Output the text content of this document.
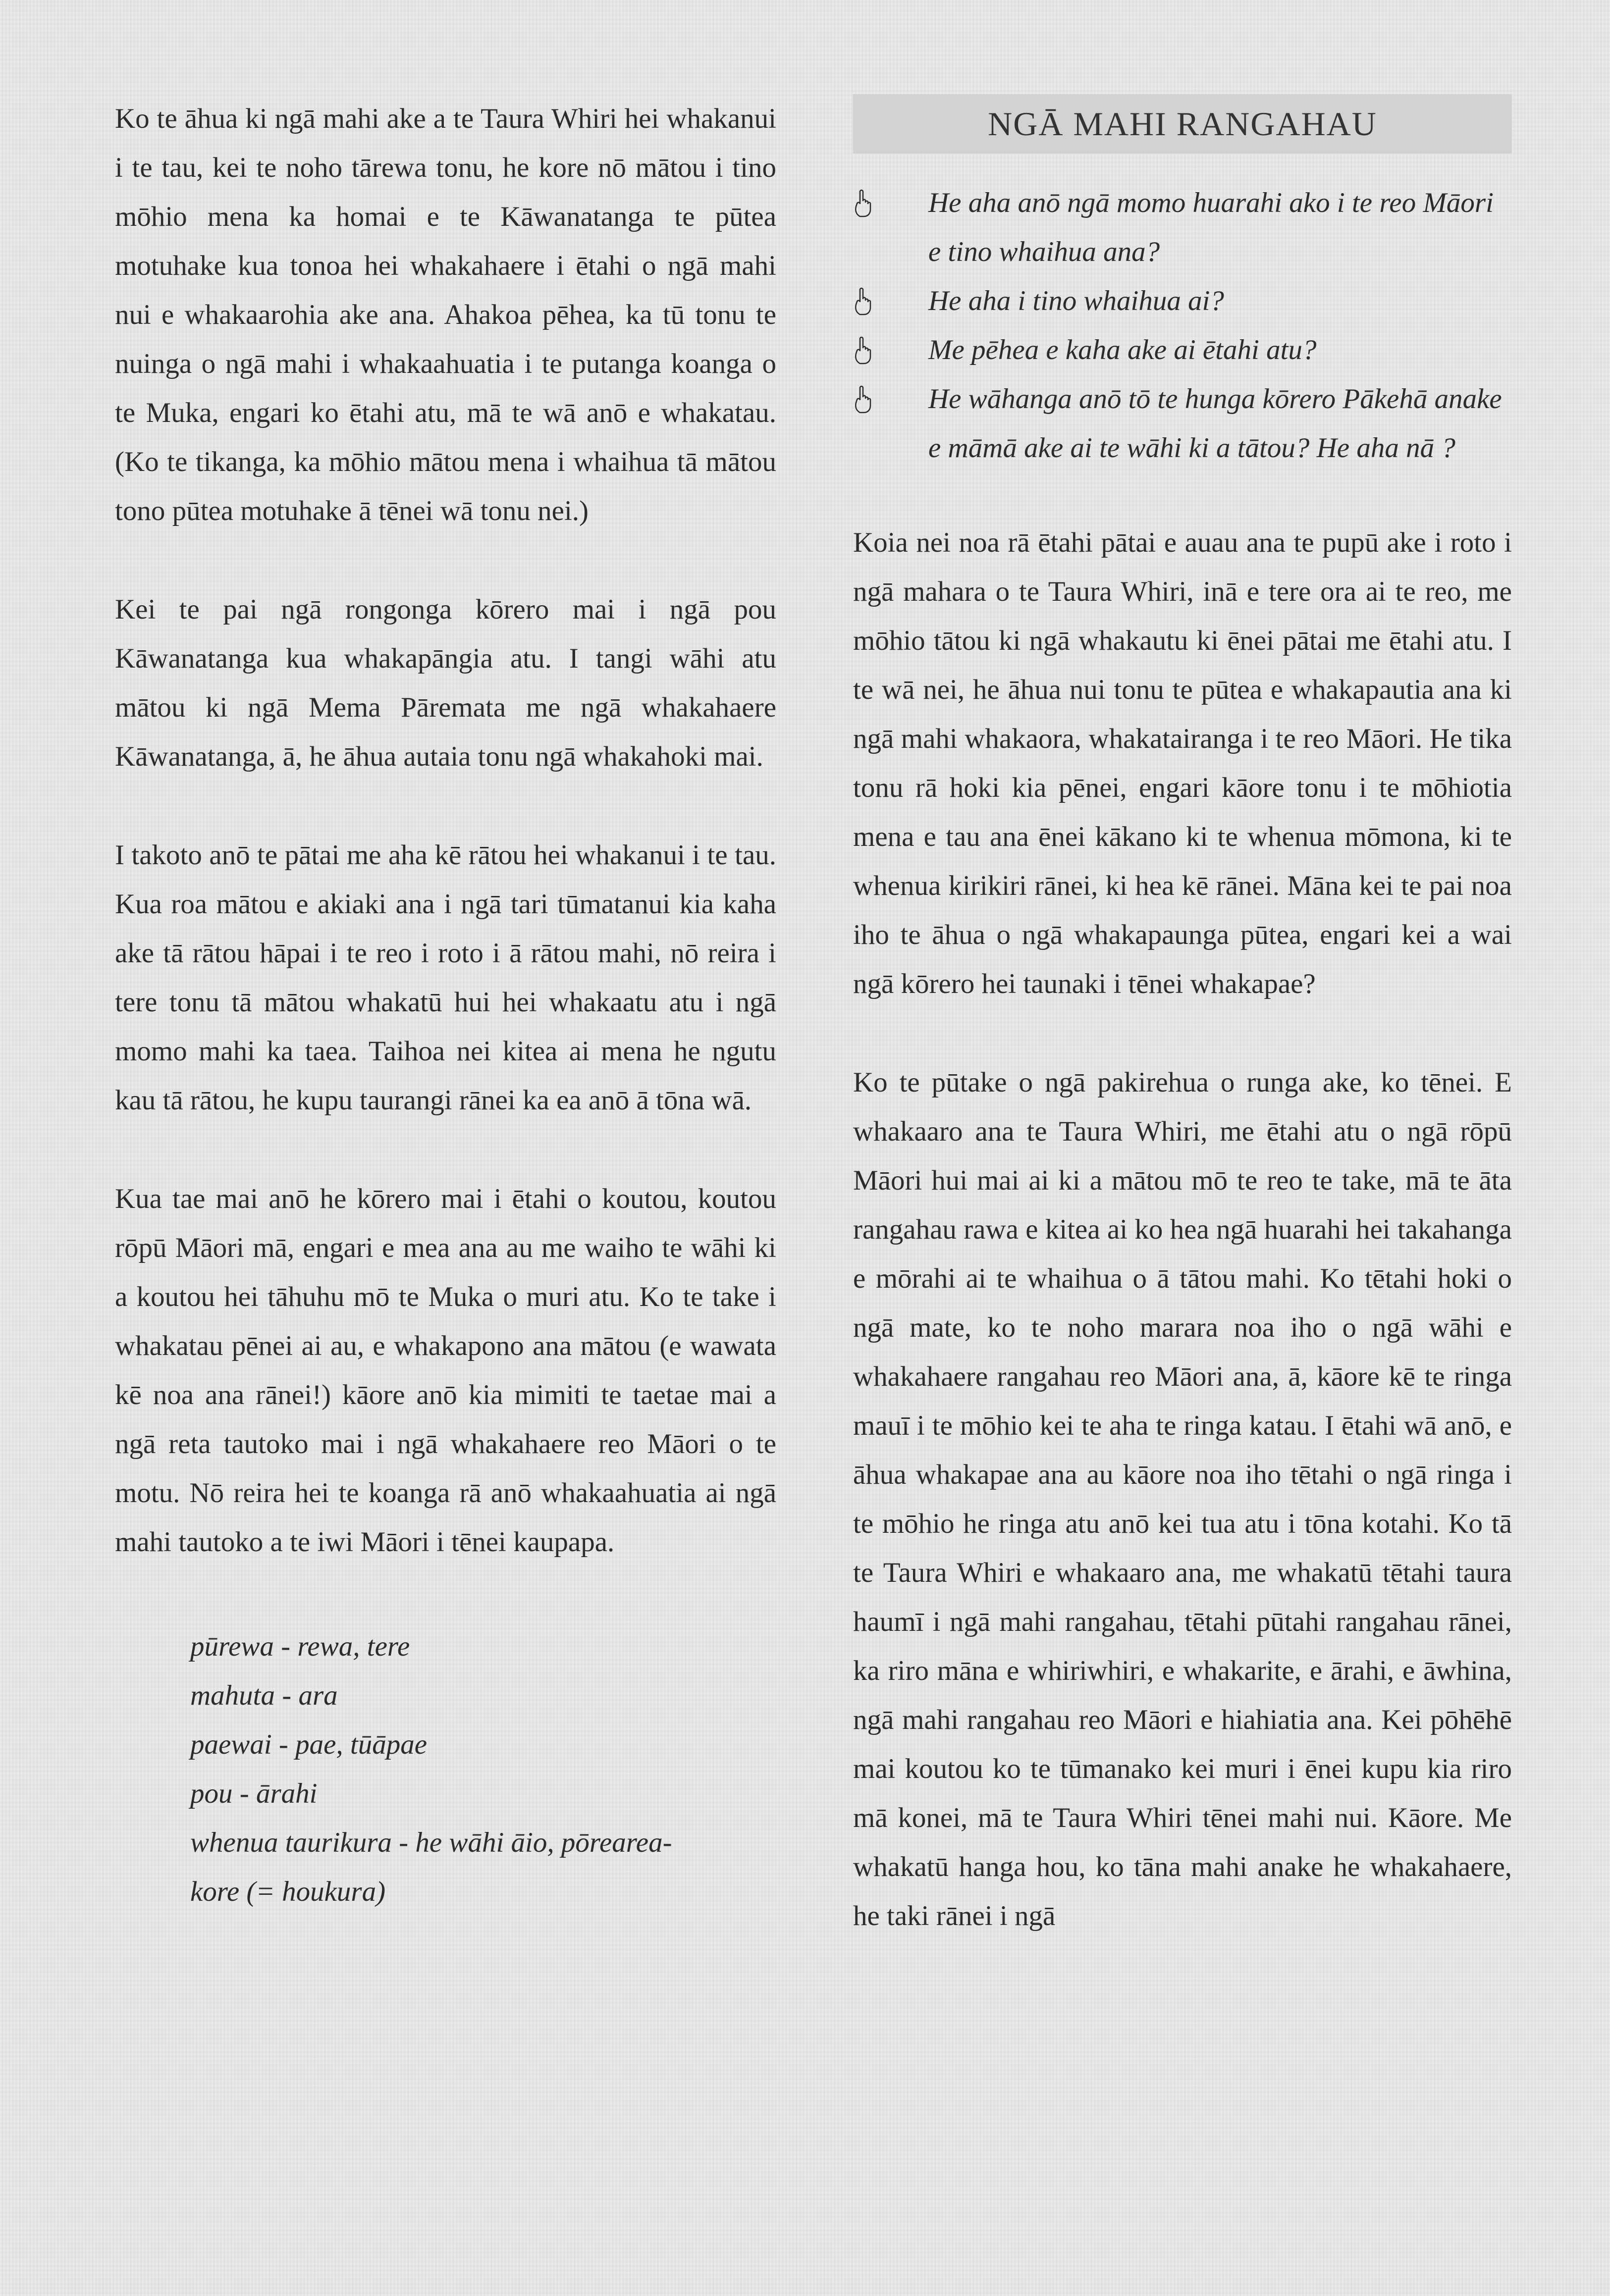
Ko te āhua ki ngā mahi ake a te Taura Whiri hei whakanui i te tau, kei te noho tārewa tonu, he kore nō mātou i tino mōhio mena ka homai e te Kāwanatanga te pūtea motuhake kua tonoa hei whakahaere i ētahi o ngā mahi nui e whakaarohia ake ana. Ahakoa pēhea, ka tū tonu te nuinga o ngā mahi i whakaahuatia i te putanga koanga o te Muka, engari ko ētahi atu, mā te wā anō e whakatau. (Ko te tikanga, ka mōhio mātou mena i whaihua tā mātou tono pūtea motuhake ā tēnei wā tonu nei.)

Kei te pai ngā rongonga kōrero mai i ngā pou Kāwanatanga kua whakapāngia atu. I tangi wāhi atu mātou ki ngā Mema Pāremata me ngā whakahaere Kāwanatanga, ā, he āhua autaia tonu ngā whakahoki mai.

I takoto anō te pātai me aha kē rātou hei whakanui i te tau. Kua roa mātou e akiaki ana i ngā tari tūmatanui kia kaha ake tā rātou hāpai i te reo i roto i ā rātou mahi, nō reira i tere tonu tā mātou whakatū hui hei whakaatu atu i ngā momo mahi ka taea. Taihoa nei kitea ai mena he ngutu kau tā rātou, he kupu taurangi rānei ka ea anō ā tōna wā.

Kua tae mai anō he kōrero mai i ētahi o koutou, koutou rōpū Māori mā, engari e mea ana au me waiho te wāhi ki a koutou hei tāhuhu mō te Muka o muri atu. Ko te take i whakatau pēnei ai au, e whakapono ana mātou (e wawata kē noa ana rānei!) kāore anō kia mimiti te taetae mai a ngā reta tautoko mai i ngā whakahaere reo Māori o te motu. Nō reira hei te koanga rā anō whakaahuatia ai ngā mahi tautoko a te iwi Māori i tēnei kaupapa.

pūrewa - rewa, tere
mahuta - ara
paewai - pae, tūāpae
pou - ārahi
whenua taurikura - he wāhi āio, pōrearea-
kore (= houkura)
NGĀ MAHI RANGAHAU
He aha anō ngā momo huarahi ako i te reo Māori e tino whaihua ana?
He aha i tino whaihua ai?
Me pēhea e kaha ake ai ētahi atu?
He wāhanga anō tō te hunga kōrero Pākehā anake e māmā ake ai te wāhi ki a tātou? He aha nā ?

Koia nei noa rā ētahi pātai e auau ana te pupū ake i roto i ngā mahara o te Taura Whiri, inā e tere ora ai te reo, me mōhio tātou ki ngā whakautu ki ēnei pātai me ētahi atu. I te wā nei, he āhua nui tonu te pūtea e whakapautia ana ki ngā mahi whakaora, whakatairanga i te reo Māori. He tika tonu rā hoki kia pēnei, engari kāore tonu i te mōhiotia mena e tau ana ēnei kākano ki te whenua mōmona, ki te whenua kirikiri rānei, ki hea kē rānei. Māna kei te pai noa iho te āhua o ngā whakapaunga pūtea, engari kei a wai ngā kōrero hei taunaki i tēnei whakapae?

Ko te pūtake o ngā pakirehua o runga ake, ko tēnei. E whakaaro ana te Taura Whiri, me ētahi atu o ngā rōpū Māori hui mai ai ki a mātou mō te reo te take, mā te āta rangahau rawa e kitea ai ko hea ngā huarahi hei takahanga e mōrahi ai te whaihua o ā tātou mahi. Ko tētahi hoki o ngā mate, ko te noho marara noa iho o ngā wāhi e whakahaere rangahau reo Māori ana, ā, kāore kē te ringa mauī i te mōhio kei te aha te ringa katau. I ētahi wā anō, e āhua whakapae ana au kāore noa iho tētahi o ngā ringa i te mōhio he ringa atu anō kei tua atu i tōna kotahi. Ko tā te Taura Whiri e whakaaro ana, me whakatū tētahi taura haumī i ngā mahi rangahau, tētahi pūtahi rangahau rānei, ka riro māna e whiriwhiri, e whakarite, e ārahi, e āwhina, ngā mahi rangahau reo Māori e hiahiatia ana. Kei pōhēhē mai koutou ko te tūmanako kei muri i ēnei kupu kia riro mā konei, mā te Taura Whiri tēnei mahi nui. Kāore. Me whakatū hanga hou, ko tāna mahi anake he whakahaere, he taki rānei i ngā
